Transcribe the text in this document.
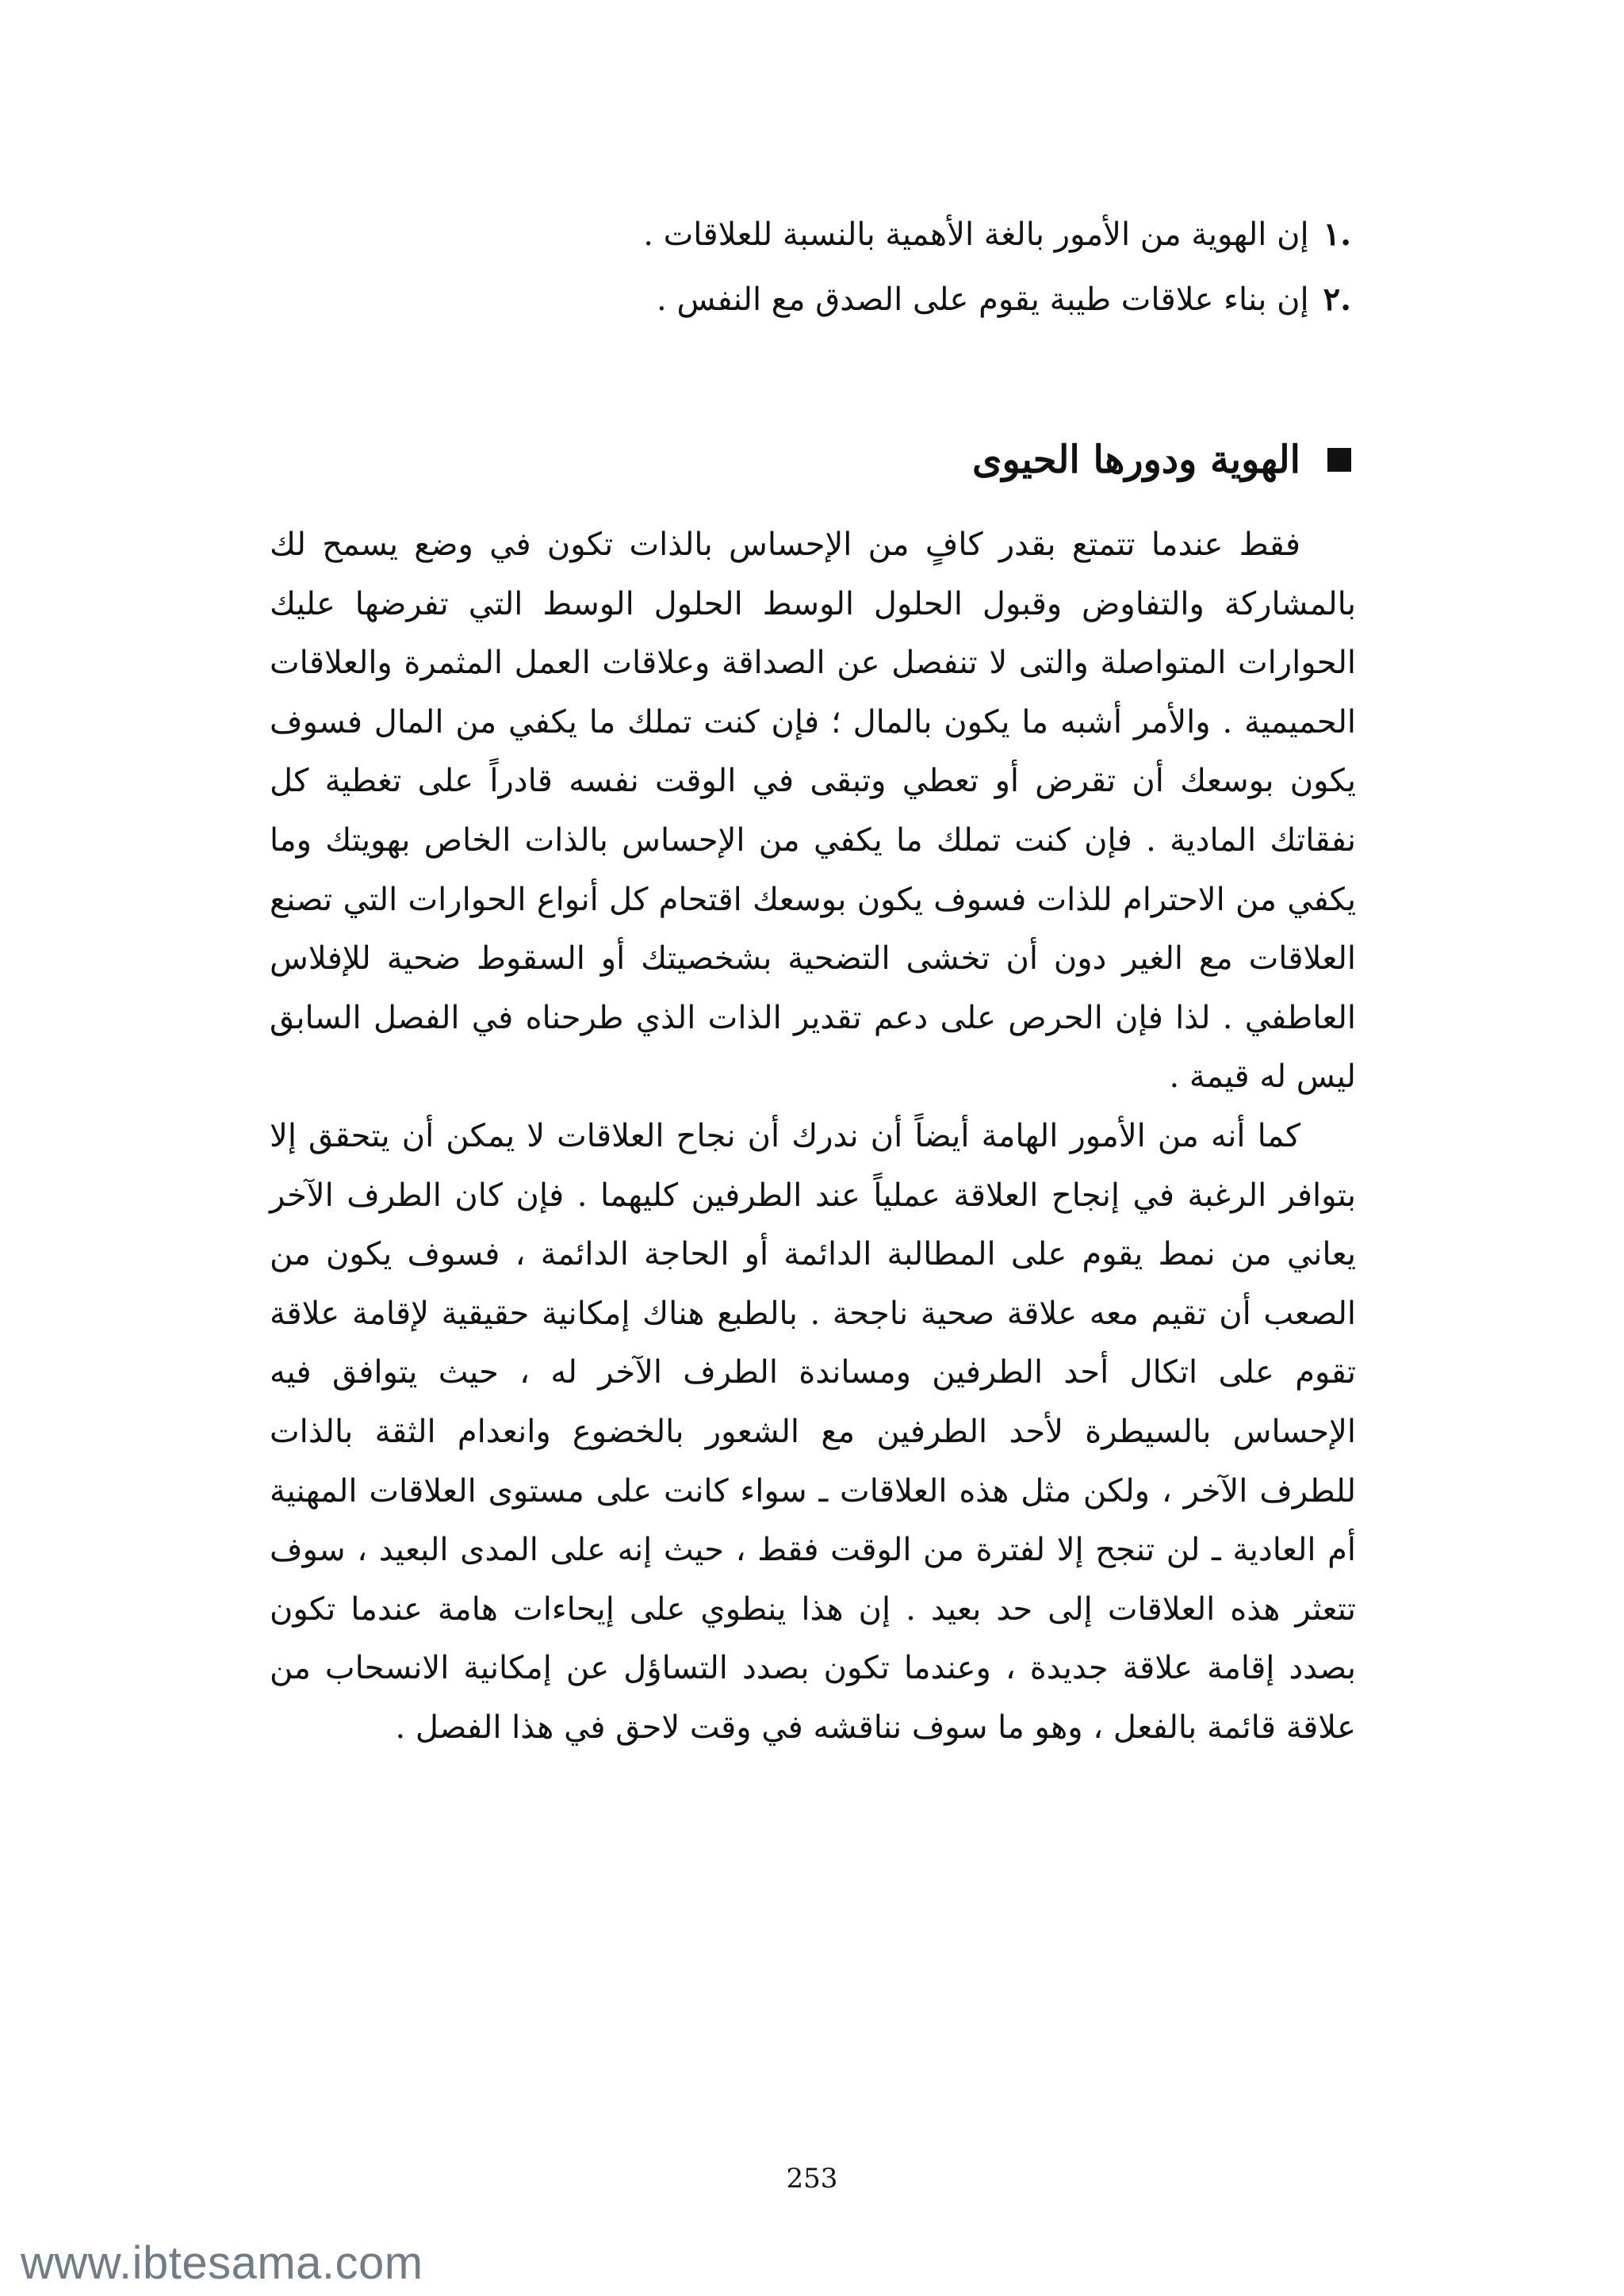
.١
إن الهوية من الأمور بالغة الأهمية بالنسبة للعلاقات .
.٢
إن بناء علاقات طيبة يقوم على الصدق مع النفس .
الهوية ودورها الحيوى

فقط عندما تتمتع بقدر كافٍ من الإحساس بالذات تكون في وضع يسمح لك بالمشاركة والتفاوض وقبول الحلول الوسط الحلول الوسط التي تفرضها عليك الحوارات المتواصلة والتى لا تنفصل عن الصداقة وعلاقات العمل المثمرة والعلاقات الحميمية . والأمر أشبه ما يكون بالمال ؛ فإن كنت تملك ما يكفي من المال فسوف يكون بوسعك أن تقرض أو تعطي وتبقى في الوقت نفسه قادراً على تغطية كل نفقاتك المادية . فإن كنت تملك ما يكفي من الإحساس بالذات الخاص بهويتك وما يكفي من الاحترام للذات فسوف يكون بوسعك اقتحام كل أنواع الحوارات التي تصنع العلاقات مع الغير دون أن تخشى التضحية بشخصيتك أو السقوط ضحية للإفلاس العاطفي . لذا فإن الحرص على دعم تقدير الذات الذي طرحناه في الفصل السابق ليس له قيمة .

كما أنه من الأمور الهامة أيضاً أن ندرك أن نجاح العلاقات لا يمكن أن يتحقق إلا بتوافر الرغبة في إنجاح العلاقة عملياً عند الطرفين كليهما . فإن كان الطرف الآخر يعاني من نمط يقوم على المطالبة الدائمة أو الحاجة الدائمة ، فسوف يكون من الصعب أن تقيم معه علاقة صحية ناجحة . بالطبع هناك إمكانية حقيقية لإقامة علاقة تقوم على اتكال أحد الطرفين ومساندة الطرف الآخر له ، حيث يتوافق فيه الإحساس بالسيطرة لأحد الطرفين مع الشعور بالخضوع وانعدام الثقة بالذات للطرف الآخر ، ولكن مثل هذه العلاقات ـ سواء كانت على مستوى العلاقات المهنية أم العادية ـ لن تنجح إلا لفترة من الوقت فقط ، حيث إنه على المدى البعيد ، سوف تتعثر هذه العلاقات إلى حد بعيد . إن هذا ينطوي على إيحاءات هامة عندما تكون بصدد إقامة علاقة جديدة ، وعندما تكون بصدد التساؤل عن إمكانية الانسحاب من علاقة قائمة بالفعل ، وهو ما سوف نناقشه في وقت لاحق في هذا الفصل .

253
www.ibtesama.com
